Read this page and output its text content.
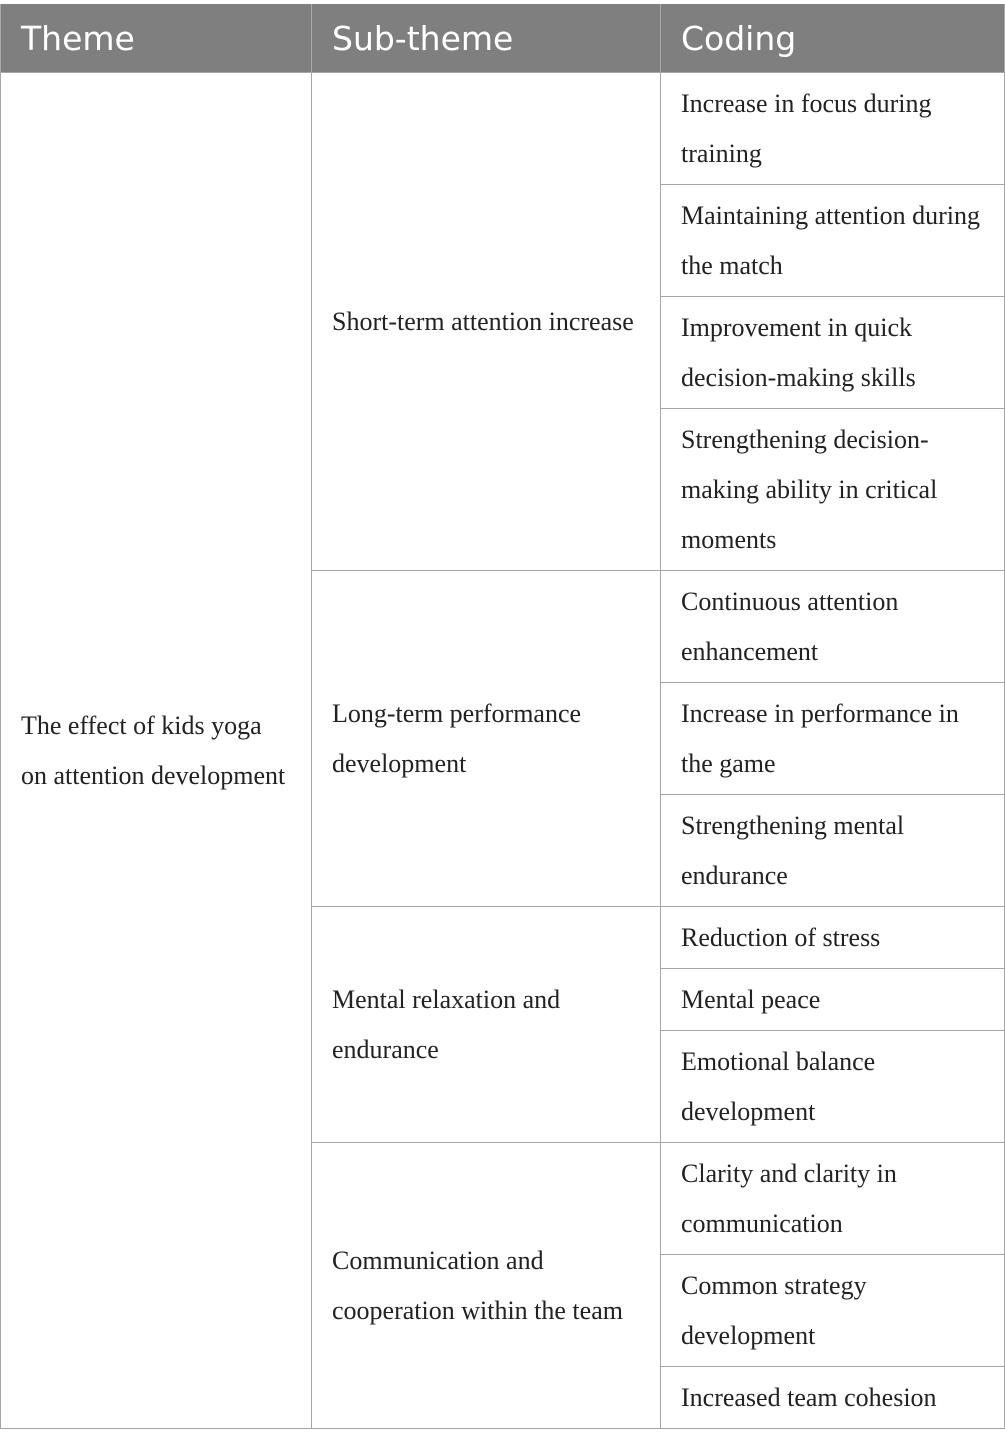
Theme	Sub-theme	Coding
The effect of kids yoga on attention development	Short-term attention increase	Increase in focus during training
		Maintaining attention during the match
		Improvement in quick decision-making skills
		Strengthening decision-making ability in critical moments
	Long-term performance development	Continuous attention enhancement
		Increase in performance in the game
		Strengthening mental endurance
	Mental relaxation and endurance	Reduction of stress
		Mental peace
		Emotional balance development
	Communication and cooperation within the team	Clarity and clarity in communication
		Common strategy development
		Increased team cohesion
